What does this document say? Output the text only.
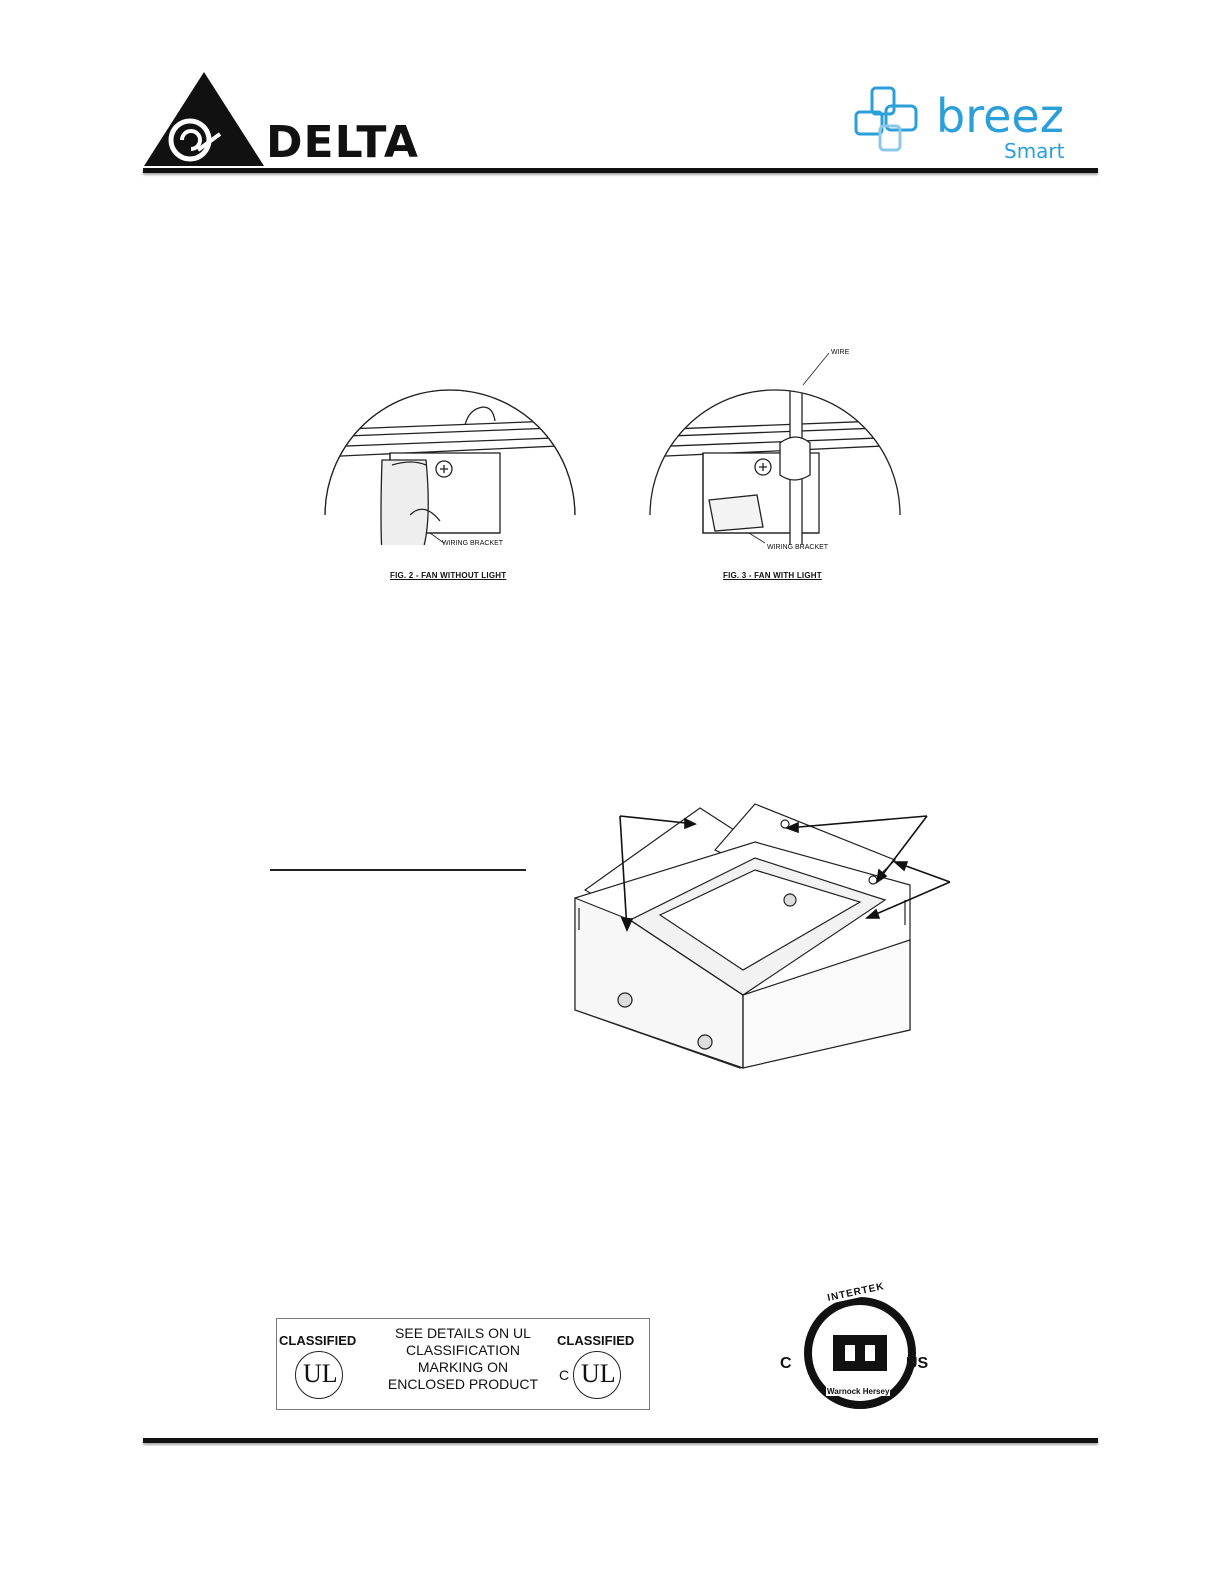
DELTA	breez
Smart
WIRING BRACKET
FIG. 2 - FAN WITHOUT LIGHT
WIRE
WIRING BRACKET
FIG. 3 - FAN WITH LIGHT
CLASSIFIED
UL
SEE DETAILS ON UL
CLASSIFICATION
MARKING ON
ENCLOSED PRODUCT
CLASSIFIED
C UL
INTERTEK
Warnock Hersey
C	US
